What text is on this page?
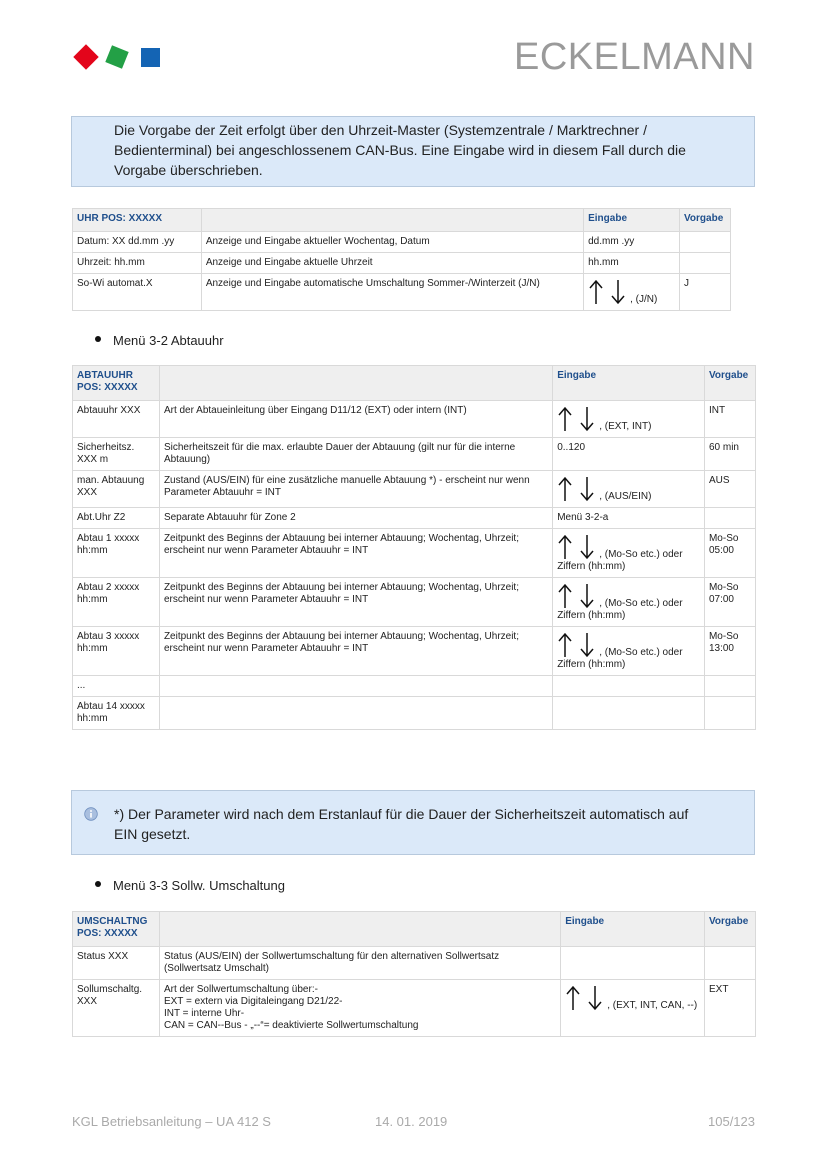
ECKELMANN
Die Vorgabe der Zeit erfolgt über den Uhrzeit-Master (Systemzentrale / Marktrechner / Bedienterminal) bei angeschlossenem CAN-Bus. Eine Eingabe wird in diesem Fall durch die Vorgabe überschrieben.
UHR POS: XXXXX		Eingabe	Vorgabe
Datum: XX dd.mm .yy	Anzeige und Eingabe aktueller Wochentag, Datum	dd.mm .yy	
Uhrzeit: hh.mm	Anzeige und Eingabe aktuelle Uhrzeit	hh.mm	
So-Wi automat.X	Anzeige und Eingabe automatische Umschaltung Sommer-/Winterzeit (J/N)	, (J/N)	J
Menü 3-2 Abtauuhr
ABTAUUHR POS: XXXXX		Eingabe	Vorgabe
Abtauuhr XXX	Art der Abtaueinleitung über Eingang D11/12 (EXT) oder intern (INT)	, (EXT, INT)	INT
Sicherheitsz. XXX m	Sicherheitszeit für die max. erlaubte Dauer der Abtauung (gilt nur für die interne Abtauung)	0..120	60 min
man. Abtauung XXX	Zustand (AUS/EIN) für eine zusätzliche manuelle Abtauung *) - erscheint nur wenn Parameter Abtauuhr = INT	, (AUS/EIN)	AUS
Abt.Uhr Z2	Separate Abtauuhr für Zone 2	Menü 3-2-a	
Abtau 1 xxxxx hh:mm	Zeitpunkt des Beginns der Abtauung bei interner Abtauung; Wochentag, Uhrzeit; erscheint nur wenn Parameter Abtauuhr = INT	, (Mo-So etc.) oder Ziffern (hh:mm)	Mo-So 05:00
Abtau 2 xxxxx hh:mm	Zeitpunkt des Beginns der Abtauung bei interner Abtauung; Wochentag, Uhrzeit; erscheint nur wenn Parameter Abtauuhr = INT	, (Mo-So etc.) oder Ziffern (hh:mm)	Mo-So 07:00
Abtau 3 xxxxx hh:mm	Zeitpunkt des Beginns der Abtauung bei interner Abtauung; Wochentag, Uhrzeit; erscheint nur wenn Parameter Abtauuhr = INT	, (Mo-So etc.) oder Ziffern (hh:mm)	Mo-So 13:00
...			
Abtau 14 xxxxx hh:mm			
*) Der Parameter wird nach dem Erstanlauf für die Dauer der Sicherheitszeit automatisch auf EIN gesetzt.
Menü 3-3 Sollw. Umschaltung
UMSCHALTNG POS: XXXXX		Eingabe	Vorgabe
Status XXX	Status (AUS/EIN) der Sollwertumschaltung für den alternativen Sollwertsatz (Sollwertsatz Umschalt)		
Sollumschaltg. XXX	Art der Sollwertumschaltung über:-
EXT = extern via Digitaleingang D21/22-
INT = interne Uhr-
CAN = CAN--Bus - „--“= deaktivierte Sollwertumschaltung	, (EXT, INT, CAN, --)	EXT
KGL Betriebsanleitung – UA 412 S	14. 01. 2019	105/123
